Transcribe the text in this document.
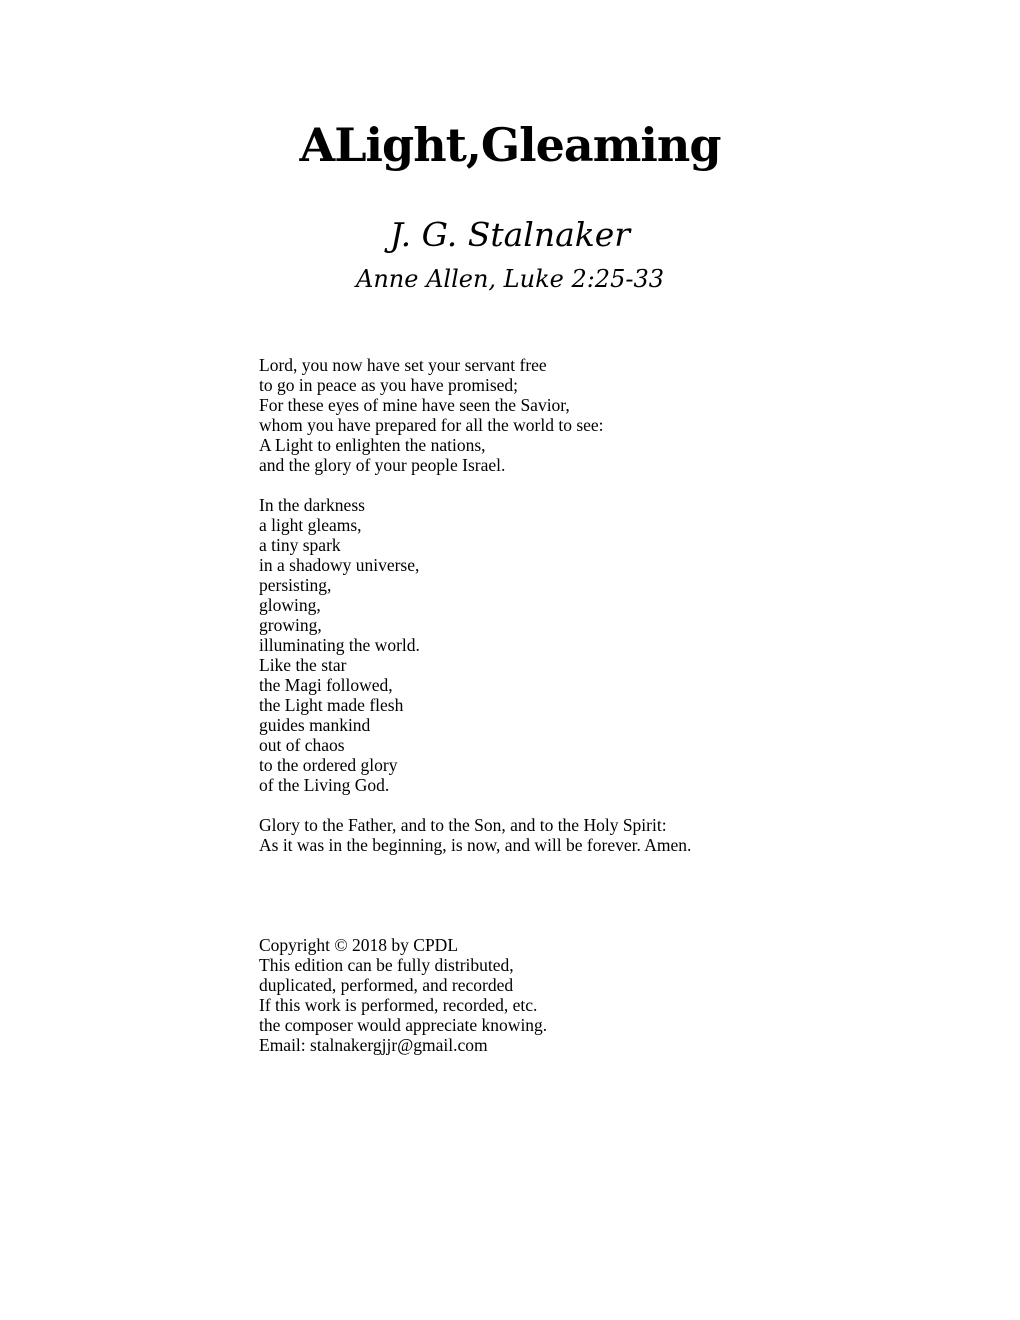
ALight,Gleaming
J. G. Stalnaker
Anne Allen, Luke 2:25-33
Lord, you now have set your servant free
to go in peace as you have promised;
For these eyes of mine have seen the Savior,
whom you have prepared for all the world to see:
A Light to enlighten the nations,
and the glory of your people Israel.
In the darkness
a light gleams,
a tiny spark
in a shadowy universe,
persisting,
glowing,
growing,
illuminating the world.
Like the star
the Magi followed,
the Light made flesh
guides mankind
out of chaos
to the ordered glory
of the Living God.
Glory to the Father, and to the Son, and to the Holy Spirit:
As it was in the beginning, is now, and will be forever. Amen.
Copyright © 2018 by CPDL
This edition can be fully distributed,
duplicated, performed, and recorded
If this work is performed, recorded, etc.
the composer would appreciate knowing.
Email: stalnakergjjr@gmail.com
